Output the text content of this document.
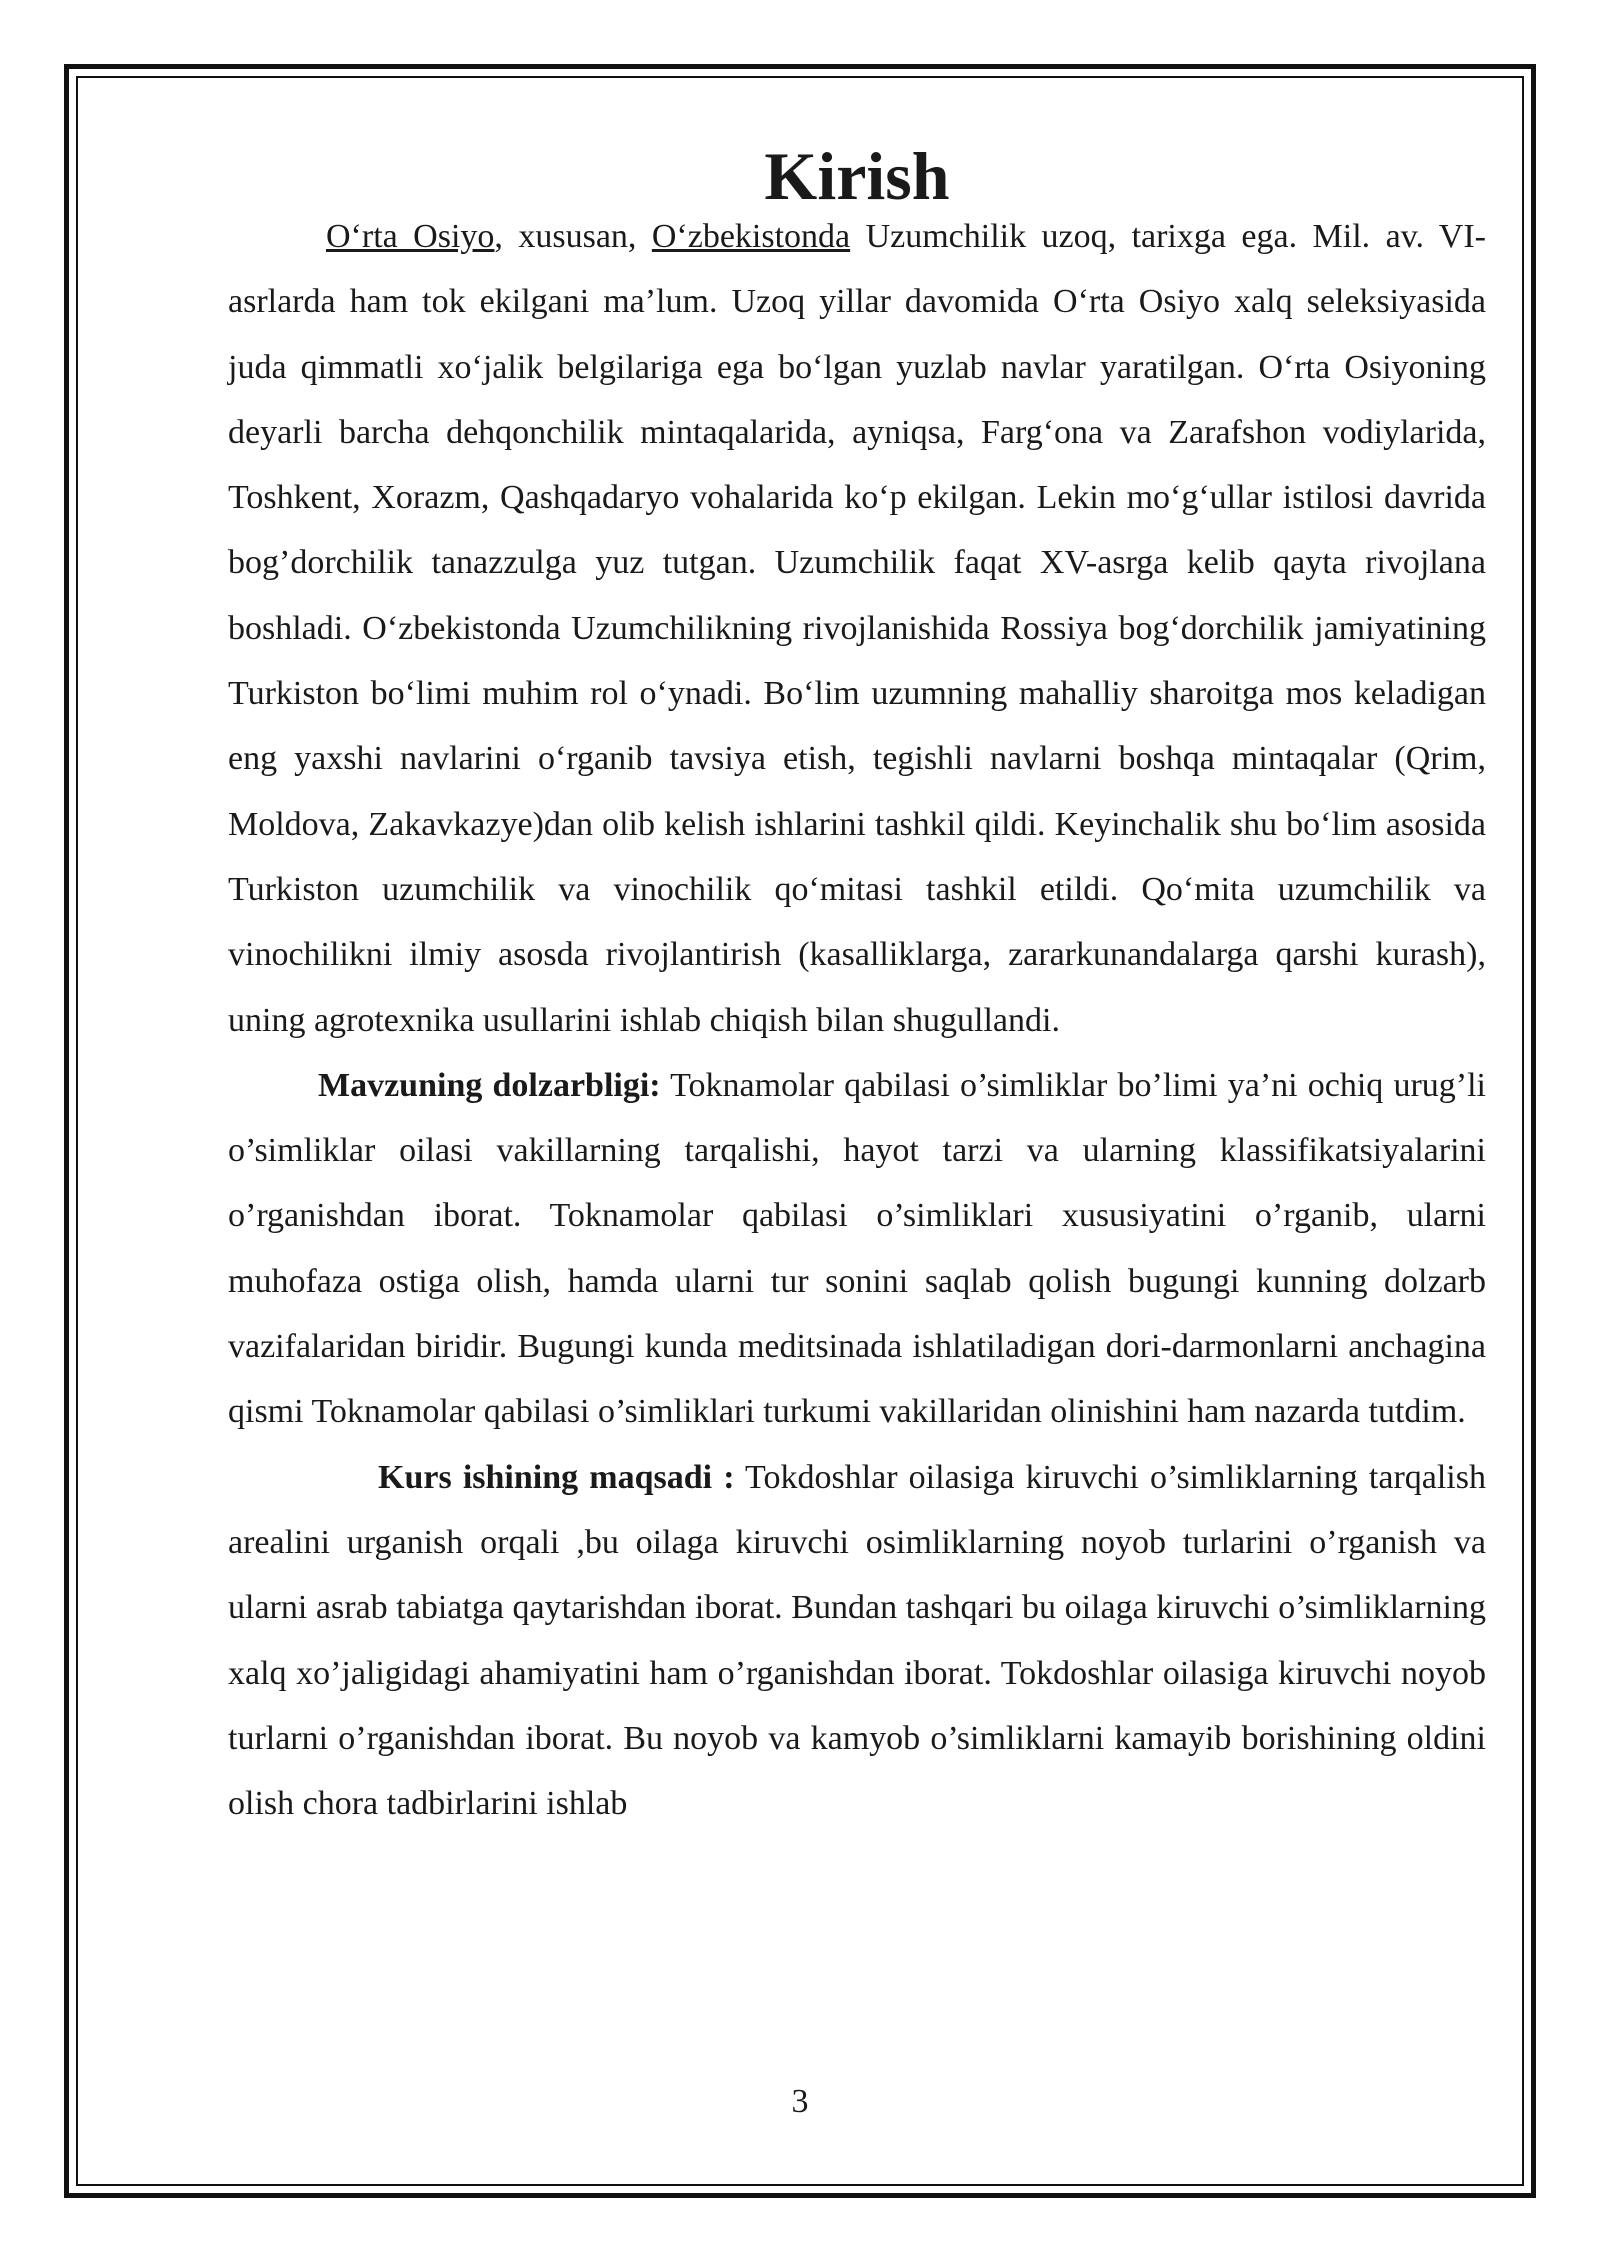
Kirish

O‘rta Osiyo, xususan, O‘zbekistonda Uzumchilik uzoq, tarixga ega. Mil. av. VI-asrlarda ham tok ekilgani ma’lum. Uzoq yillar davomida O‘rta Osiyo xalq seleksiyasida juda qimmatli xo‘jalik belgilariga ega bo‘lgan yuzlab navlar yaratilgan. O‘rta Osiyoning deyarli barcha dehqonchilik mintaqalarida, ayniqsa, Farg‘ona va Zarafshon vodiylarida, Toshkent, Xorazm, Qashqadaryo vohalarida ko‘p ekilgan. Lekin mo‘g‘ullar istilosi davrida bog’dorchilik tanazzulga yuz tutgan. Uzumchilik faqat XV-asrga kelib qayta rivojlana boshladi. O‘zbekistonda Uzumchilikning rivojlanishida Rossiya bog‘dorchilik jamiyatining Turkiston bo‘limi muhim rol o‘ynadi. Bo‘lim uzumning mahalliy sharoitga mos keladigan eng yaxshi navlarini o‘rganib tavsiya etish, tegishli navlarni boshqa mintaqalar (Qrim, Moldova, Zakavkazye)dan olib kelish ishlarini tashkil qildi. Keyinchalik shu bo‘lim asosida Turkiston uzumchilik va vinochilik qo‘mitasi tashkil etildi. Qo‘mita uzumchilik va vinochilikni ilmiy asosda rivojlantirish (kasalliklarga, zararkunandalarga qarshi kurash), uning agrotexnika usullarini ishlab chiqish bilan shugullandi.

Mavzuning dolzarbligi: Toknamolar qabilasi o’simliklar bo’limi ya’ni ochiq urug’li o’simliklar oilasi vakillarning tarqalishi, hayot tarzi va ularning klassifikatsiyalarini o’rganishdan iborat. Toknamolar qabilasi o’simliklari xususiyatini o’rganib, ularni muhofaza ostiga olish, hamda ularni tur sonini saqlab qolish bugungi kunning dolzarb vazifalaridan biridir. Bugungi kunda meditsinada ishlatiladigan dori-darmonlarni anchagina qismi Toknamolar qabilasi o’simliklari turkumi vakillaridan olinishini ham nazarda tutdim.

Kurs ishining maqsadi : Tokdoshlar oilasiga kiruvchi o’simliklarning tarqalish arealini urganish orqali ,bu oilaga kiruvchi osimliklarning noyob turlarini o’rganish va ularni asrab tabiatga qaytarishdan iborat. Bundan tashqari bu oilaga kiruvchi o’simliklarning xalq xo’jaligidagi ahamiyatini ham o’rganishdan iborat. Tokdoshlar oilasiga kiruvchi noyob turlarni o’rganishdan iborat. Bu noyob va kamyob o’simliklarni kamayib borishining oldini olish chora tadbirlarini ishlab

3
